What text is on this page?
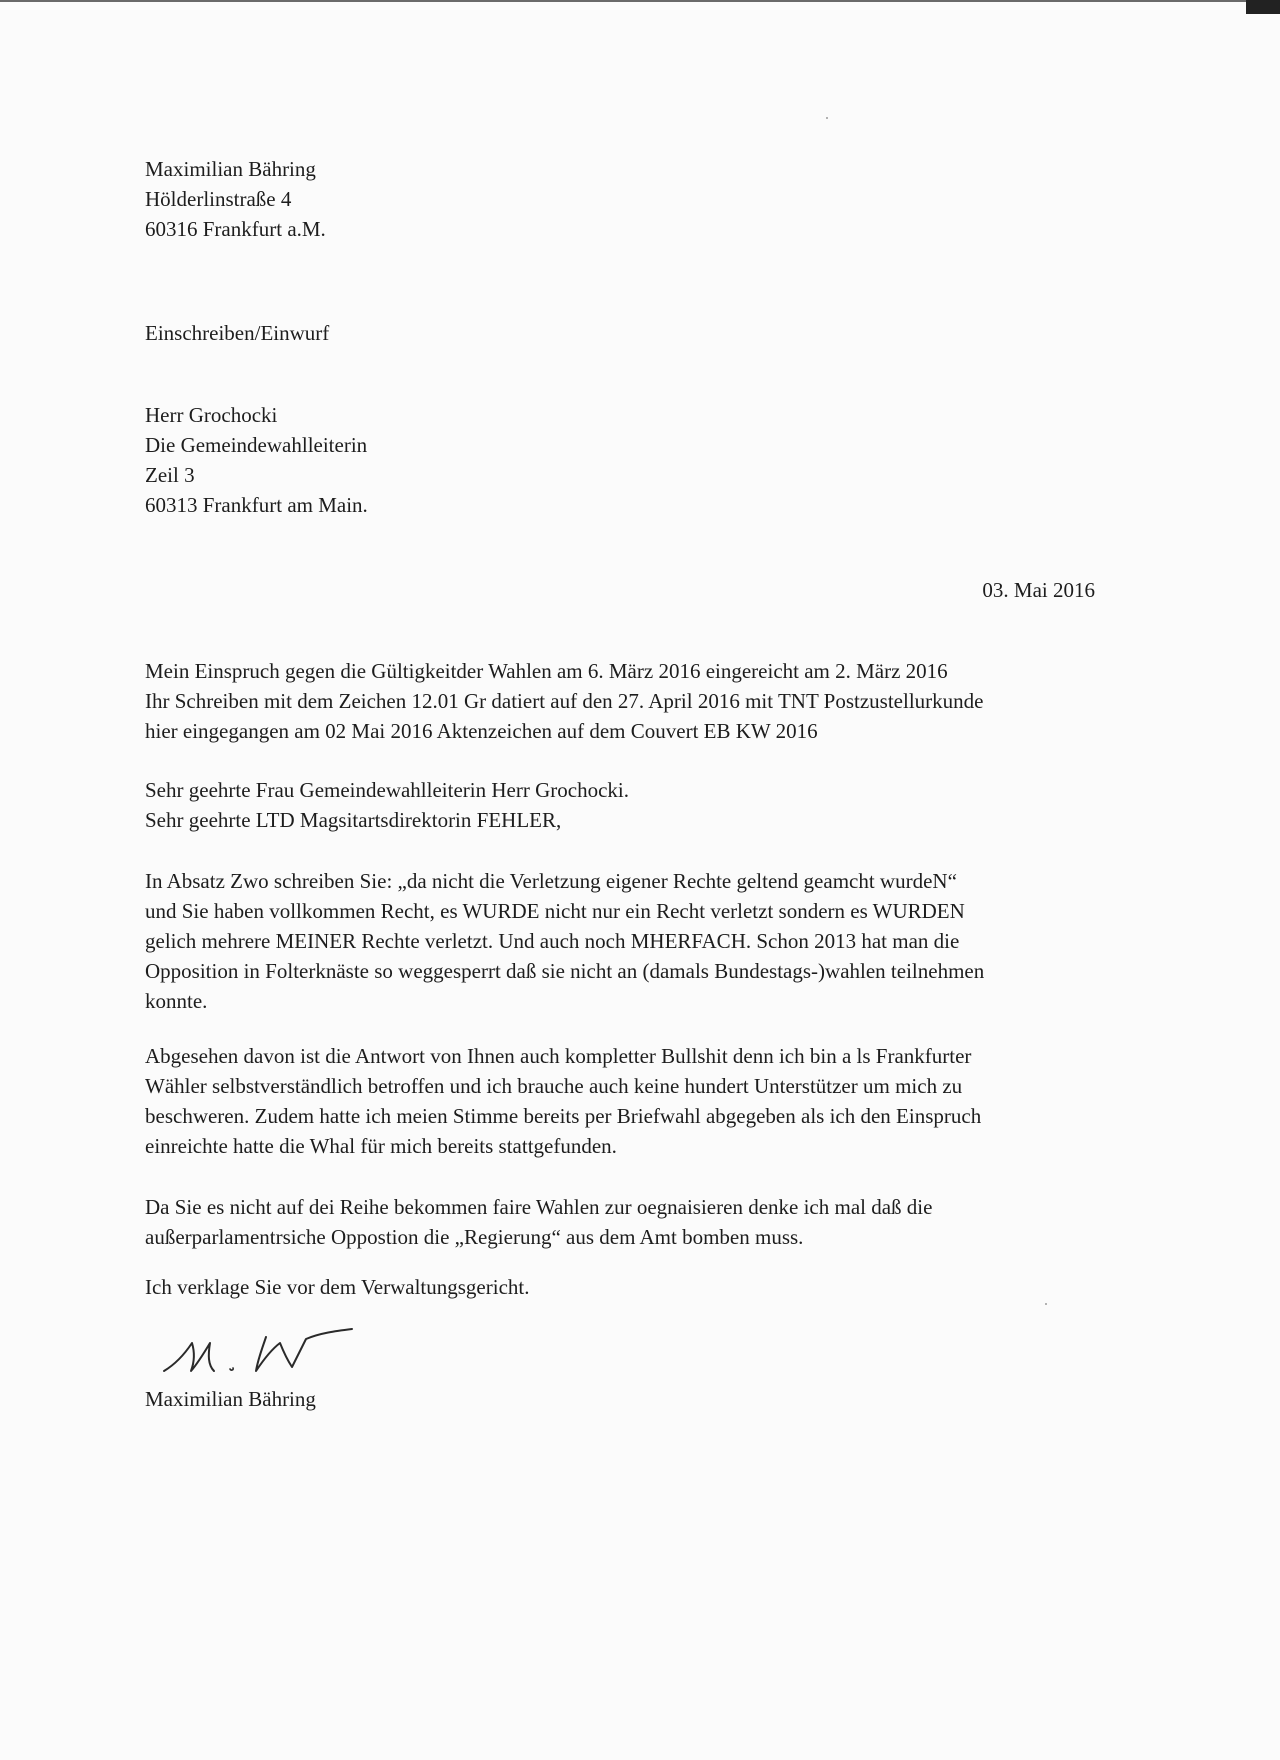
Maximilian Bähring
Hölderlinstraße 4
60316 Frankfurt a.M.
Einschreiben/Einwurf
Herr Grochocki
Die Gemeindewahlleiterin
Zeil 3
60313 Frankfurt am Main.
03. Mai 2016
Mein Einspruch gegen die Gültigkeitder Wahlen am 6. März 2016 eingereicht am 2. März 2016
Ihr Schreiben mit dem Zeichen 12.01 Gr datiert auf den 27. April 2016 mit TNT Postzustellurkunde
hier eingegangen am 02 Mai 2016 Aktenzeichen auf dem Couvert EB KW 2016
Sehr geehrte Frau Gemeindewahlleiterin Herr Grochocki.
Sehr geehrte LTD Magsitartsdirektorin FEHLER,
In Absatz Zwo schreiben Sie: „da nicht die Verletzung eigener Rechte geltend geamcht wurdeN“
und Sie haben vollkommen Recht, es WURDE nicht nur ein Recht verletzt sondern es WURDEN
gelich mehrere MEINER Rechte verletzt. Und auch noch MHERFACH. Schon 2013 hat man die
Opposition in Folterknäste so weggesperrt daß sie nicht an (damals Bundestags-)wahlen teilnehmen
konnte.
Abgesehen davon ist die Antwort von Ihnen auch kompletter Bullshit denn ich bin a ls Frankfurter
Wähler selbstverständlich betroffen und ich brauche auch keine hundert Unterstützer um mich zu
beschweren. Zudem hatte ich meien Stimme bereits per Briefwahl abgegeben als ich den Einspruch
einreichte hatte die Whal für mich bereits stattgefunden.
Da Sie es nicht auf dei Reihe bekommen faire Wahlen zur oegnaisieren denke ich mal daß die
außerparlamentrsiche Oppostion die „Regierung“ aus dem Amt bomben muss.
Ich verklage Sie vor dem Verwaltungsgericht.
Maximilian Bähring
